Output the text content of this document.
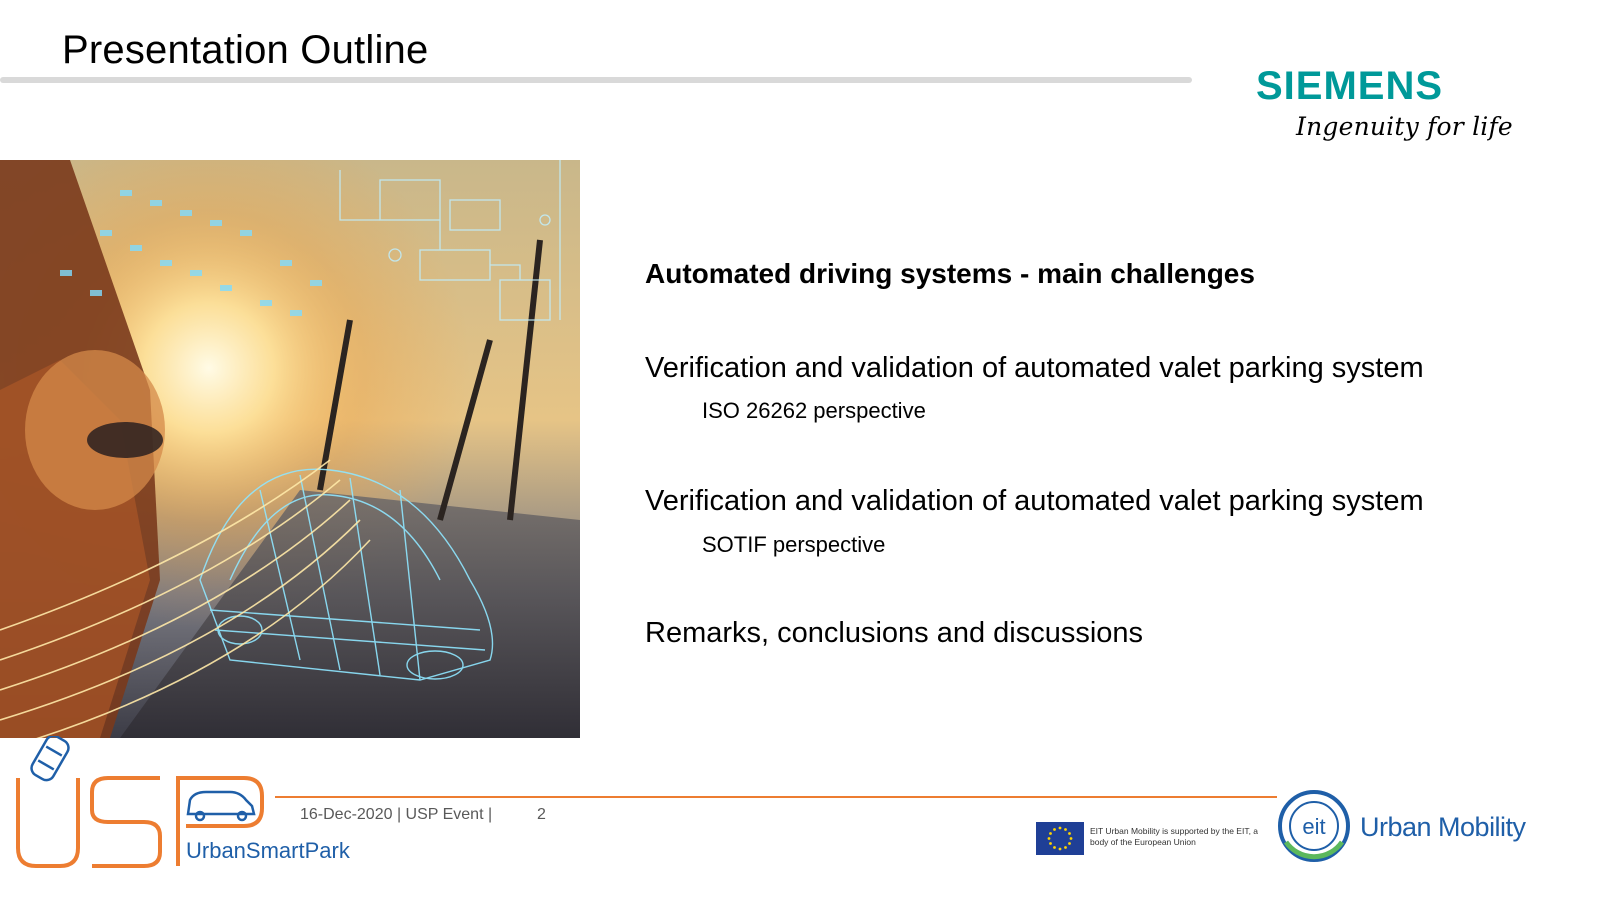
Presentation Outline
SIEMENS
Ingenuity for life
Automated driving systems - main challenges
Verification and validation of automated valet parking system
ISO 26262 perspective
Verification and validation of automated valet parking system
SOTIF perspective
Remarks, conclusions and discussions
UrbanSmartPark
16-Dec-2020 | USP Event |	2
EIT Urban Mobility is supported by the EIT, a body of the European Union
eit Urban Mobility
